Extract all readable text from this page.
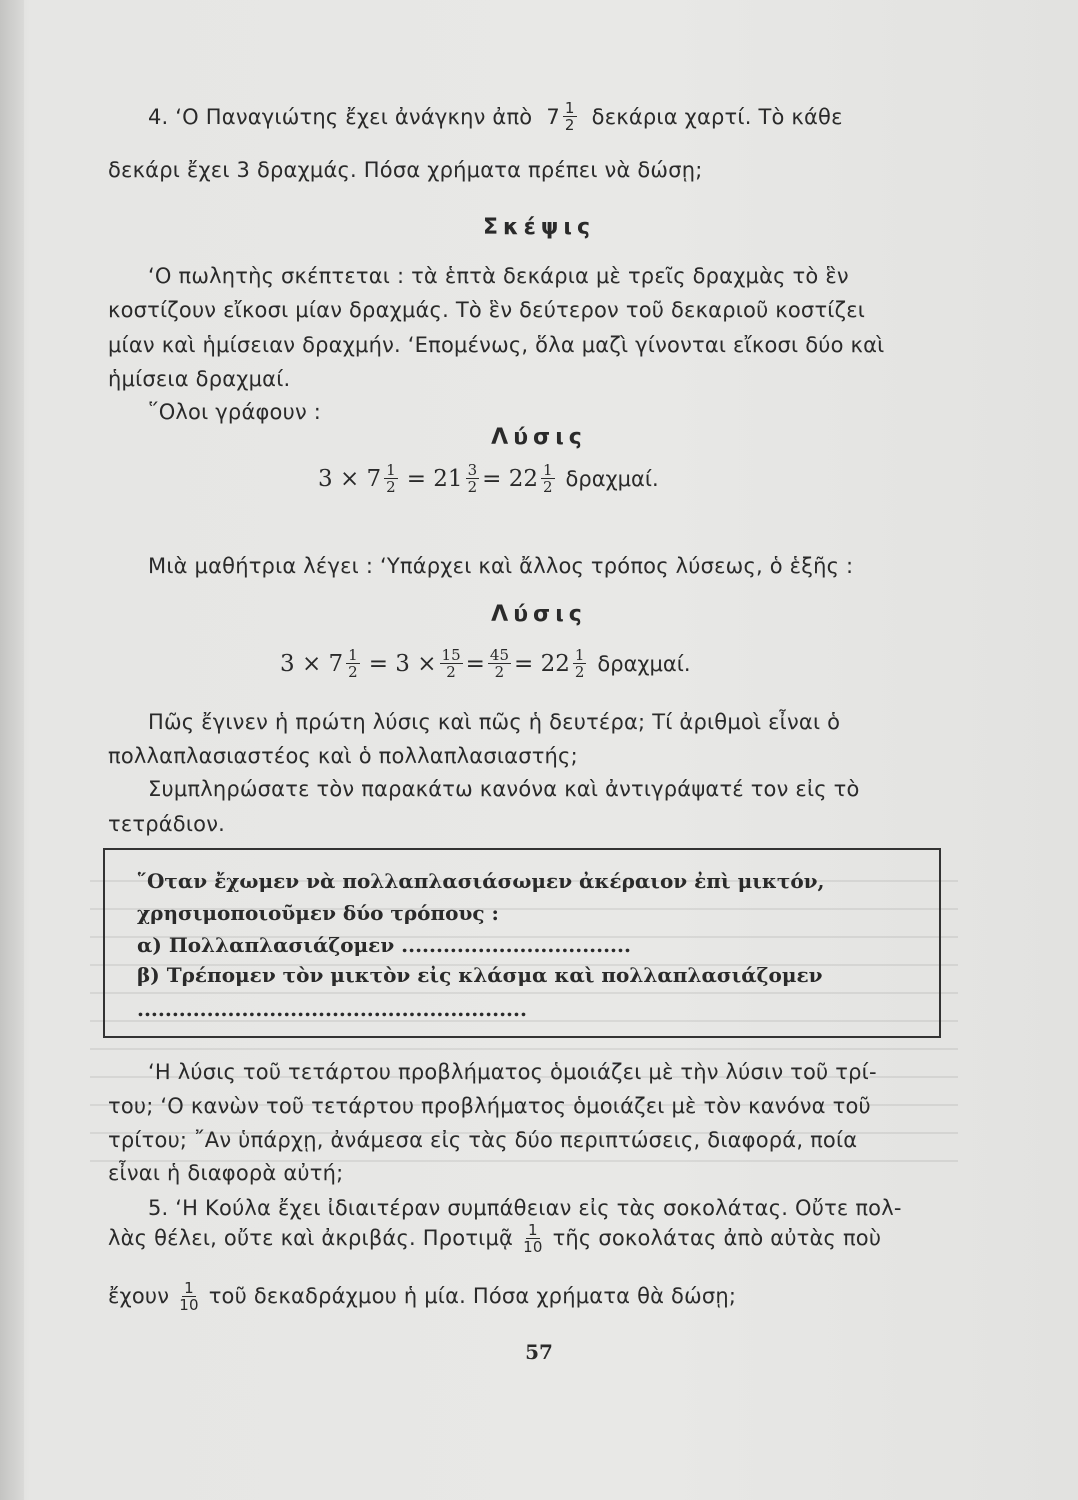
4. ‘Ο Παναγιώτης ἔχει ἀνάγκην ἀπὸ $7 \frac{1}{2}$ δεκάρια χαρτί. Τὸ κάθε
δεκάρι ἔχει 3 δραχμάς. Πόσα χρήματα πρέπει νὰ δώσῃ;
Σκέψις
‘Ο πωλητὴς σκέπτεται : τὰ ἑπτὰ δεκάρια μὲ τρεῖς δραχμὰς τὸ ἓν
κοστίζουν εἴκοσι μίαν δραχμάς. Τὸ ἓν δεύτερον τοῦ δεκαριοῦ κοστίζει
μίαν καὶ ἡμίσειαν δραχμήν. ‘Επομένως, ὅλα μαζὶ γίνονται εἴκοσι δύο καὶ
ἡμίσεια δραχμαί.
῞Ολοι γράφουν :
Λύσις
$3 \times 7 \frac{1}{2} = 21 \frac{3}{2} = 22 \frac{1}{2} \delta\rho\alpha\chi\mu\alpha ί$.
Μιὰ μαθήτρια λέγει : ‘Υπάρχει καὶ ἄλλος τρόπος λύσεως, ὁ ἑξῆς :
Λύσις
$3 \times 7 \frac{1}{2} = 3 \times \frac{15}{2} = \frac{45}{2} = 22 \frac{1}{2} \delta\rho\alpha\chi\mu\alpha ί$.
Πῶς ἔγινεν ἡ πρώτη λύσις καὶ πῶς ἡ δευτέρα; Τί ἀριθμοὶ εἶναι ὁ
πολλαπλασιαστέος καὶ ὁ πολλαπλασιαστής;
Συμπληρώσατε τὸν παρακάτω κανόνα καὶ ἀντιγράψατέ τον εἰς τὸ
τετράδιον.
῞Οταν ἔχωμεν νὰ πολλαπλασιάσωμεν ἀκέραιον ἐπὶ μικτόν,
χρησιμοποιοῦμεν δύο τρόπους :
α) Πολλαπλασιάζομεν .................................
β) Τρέπομεν τὸν μικτὸν εἰς κλάσμα καὶ πολλαπλασιάζομεν
........................................................
‘Η λύσις τοῦ τετάρτου προβλήματος ὁμοιάζει μὲ τὴν λύσιν τοῦ τρί-
του; ‘Ο κανὼν τοῦ τετάρτου προβλήματος ὁμοιάζει μὲ τὸν κανόνα τοῦ
τρίτου; ῎Αν ὑπάρχῃ, ἀνάμεσα εἰς τὰς δύο περιπτώσεις, διαφορά, ποία
εἶναι ἡ διαφορὰ αὐτή;
5. ‘Η Κούλα ἔχει ἰδιαιτέραν συμπάθειαν εἰς τὰς σοκολάτας. Οὔτε πολ-
λὰς θέλει, οὔτε καὶ ἀκριβάς. Προτιμᾷ $\frac{1}{10}$ τῆς σοκολάτας ἀπὸ αὐτὰς ποὺ
ἔχουν $\frac{1}{10}$ τοῦ δεκαδράχμου ἡ μία. Πόσα χρήματα θὰ δώσῃ;
57
